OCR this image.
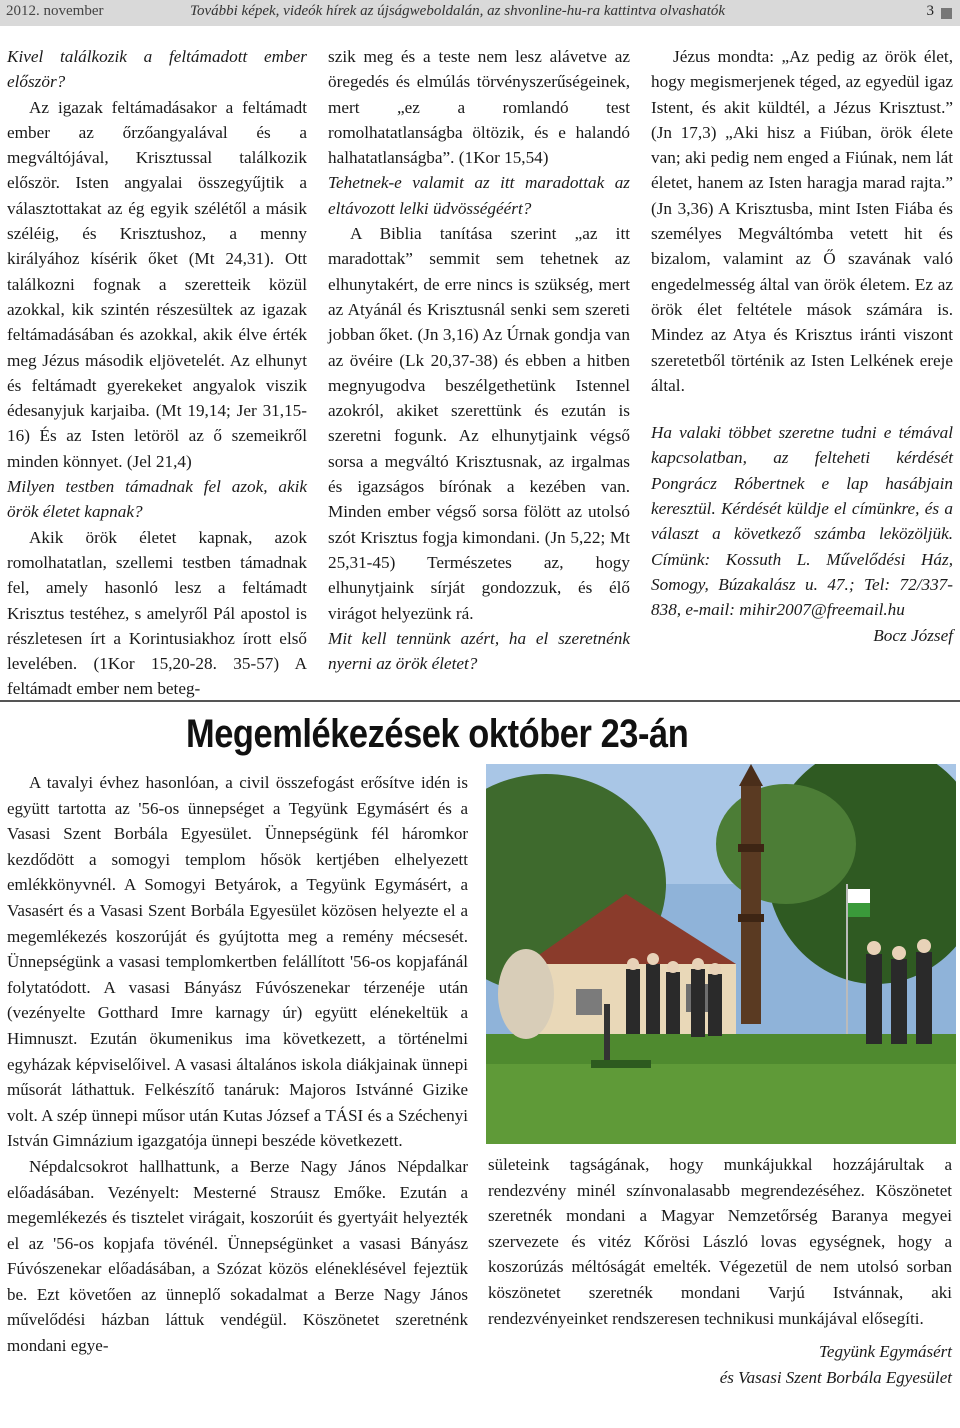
2012. november	További képek, videók hírek az újságweboldalán, az shvonline-hu-ra kattintva olvashatók	3

Kivel találkozik a feltámadott ember először?

Az igazak feltámadásakor a feltámadt ember az őrzőangyalával és a megváltójával, Krisztussal találkozik először. Isten angyalai összegyűjtik a választottakat az ég egyik szélétől a másik széléig, és Krisztushoz, a menny királyához kísérik őket (Mt 24,31). Ott találkozni fognak a szeretteik közül azokkal, kik szintén részesültek az igazak feltámadásában és azokkal, akik élve érték meg Jézus második eljövetelét. Az elhunyt és feltámadt gyerekeket angyalok viszik édesanyjuk karjaiba. (Mt 19,14; Jer 31,15-16) És az Isten letöröl az ő szemeikről minden könnyet. (Jel 21,4)

Milyen testben támadnak fel azok, akik örök életet kapnak?

Akik örök életet kapnak, azok romolhatatlan, szellemi testben támadnak fel, amely hasonló lesz a feltámadt Krisztus testéhez, s amelyről Pál apostol is részletesen írt a Korintusiakhoz írott első levelében. (1Kor 15,20-28. 35-57) A feltámadt ember nem beteg-

szik meg és a teste nem lesz alávetve az öregedés és elmúlás törvényszerűségeinek, mert „ez a romlandó test romolhatatlanságba öltözik, és e halandó halhatatlanságba”. (1Kor 15,54)

Tehetnek-e valamit az itt maradottak az eltávozott lelki üdvösségéért?

A Biblia tanítása szerint „az itt maradottak” semmit sem tehetnek az elhunytakért, de erre nincs is szükség, mert az Atyánál és Krisztusnál senki sem szereti jobban őket. (Jn 3,16) Az Úrnak gondja van az övéire (Lk 20,37-38) és ebben a hitben megnyugodva beszélgethetünk Istennel azokról, akiket szerettünk és ezután is szeretni fogunk. Az elhunytjaink végső sorsa a megváltó Krisztusnak, az irgalmas és igazságos bírónak a kezében van. Minden ember végső sorsa fölött az utolsó szót Krisztus fogja kimondani. (Jn 5,22; Mt 25,31-45) Természetes az, hogy elhunytjaink sírját gondozzuk, és élő virágot helyezünk rá.

Mit kell tennünk azért, ha el szeretnénk nyerni az örök életet?

Jézus mondta: „Az pedig az örök élet, hogy megismerjenek téged, az egyedül igaz Istent, és akit küldtél, a Jézus Krisztust.” (Jn 17,3) „Aki hisz a Fiúban, örök élete van; aki pedig nem enged a Fiúnak, nem lát életet, hanem az Isten haragja marad rajta.” (Jn 3,36) A Krisztusba, mint Isten Fiába és személyes Megváltómba vetett hit és bizalom, valamint az Ő szavának való engedelmesség által van örök életem. Ez az örök élet feltétele mások számára is. Mindez az Atya és Krisztus iránti viszont szeretetből történik az Isten Lelkének ereje által.

Ha valaki többet szeretne tudni e témával kapcsolatban, az felteheti kérdését Pongrácz Róbertnek e lap hasábjain keresztül. Kérdését küldje el címünkre, és a választ a következő számba leközöljük. Címünk: Kossuth L. Művelődési Ház, Somogy, Búzakalász u. 47.; Tel: 72/337-838, e-mail: mihir2007@freemail.hu

Bocz József

Megemlékezések október 23-án

A tavalyi évhez hasonlóan, a civil összefogást erősítve idén is együtt tartotta az '56-os ünnepséget a Tegyünk Egymásért és a Vasasi Szent Borbála Egyesület. Ünnepségünk fél háromkor kezdődött a somogyi templom hősök kertjében elhelyezett emlékkönyvnél. A Somogyi Betyárok, a Tegyünk Egymásért, a Vasasért és a Vasasi Szent Borbála Egyesület közösen helyezte el a megemlékezés koszorúját és gyújtotta meg a remény mécsesét. Ünnepségünk a vasasi templomkertben felállított '56-os kopjafánál folytatódott. A vasasi Bányász Fúvószenekar térzenéje után (vezényelte Gotthard Imre karnagy úr) együtt elénekeltük a Himnuszt. Ezután ökumenikus ima következett, a történelmi egyházak képviselőivel. A vasasi általános iskola diákjainak ünnepi műsorát láthattuk. Felkészítő tanáruk: Majoros Istvánné Gizike volt. A szép ünnepi műsor után Kutas József a TÁSI és a Széchenyi István Gimnázium igazgatója ünnepi beszéde következett.

Népdalcsokrot hallhattunk, a Berze Nagy János Népdalkar előadásában. Vezényelt: Mesterné Strausz Emőke. Ezután a megemlékezés és tisztelet virágait, koszorúit és gyertyáit helyezték el az '56-os kopjafa tövénél. Ünnepségünket a vasasi Bányász Fúvószenekar előadásában, a Szózat közös eléneklésével fejeztük be. Ezt követően az ünneplő sokadalmat a Berze Nagy János művelődési házban láttuk vendégül. Köszönetet szeretnénk mondani egye-

sületeink tagságának, hogy munkájukkal hozzájárultak a rendezvény minél színvonalasabb megrendezéséhez. Köszönetet szeretnék mondani a Magyar Nemzetőrség Baranya megyei szervezete és vitéz Kőrösi László lovas egységnek, hogy a koszorúzás méltóságát emelték. Végezetül de nem utolsó sorban köszönetet szeretnék mondani Varjú Istvánnak, aki rendezvényeinket rendszeresen technikusi munkájával elősegíti.

Tegyünk Egymásért

és Vasasi Szent Borbála Egyesület
